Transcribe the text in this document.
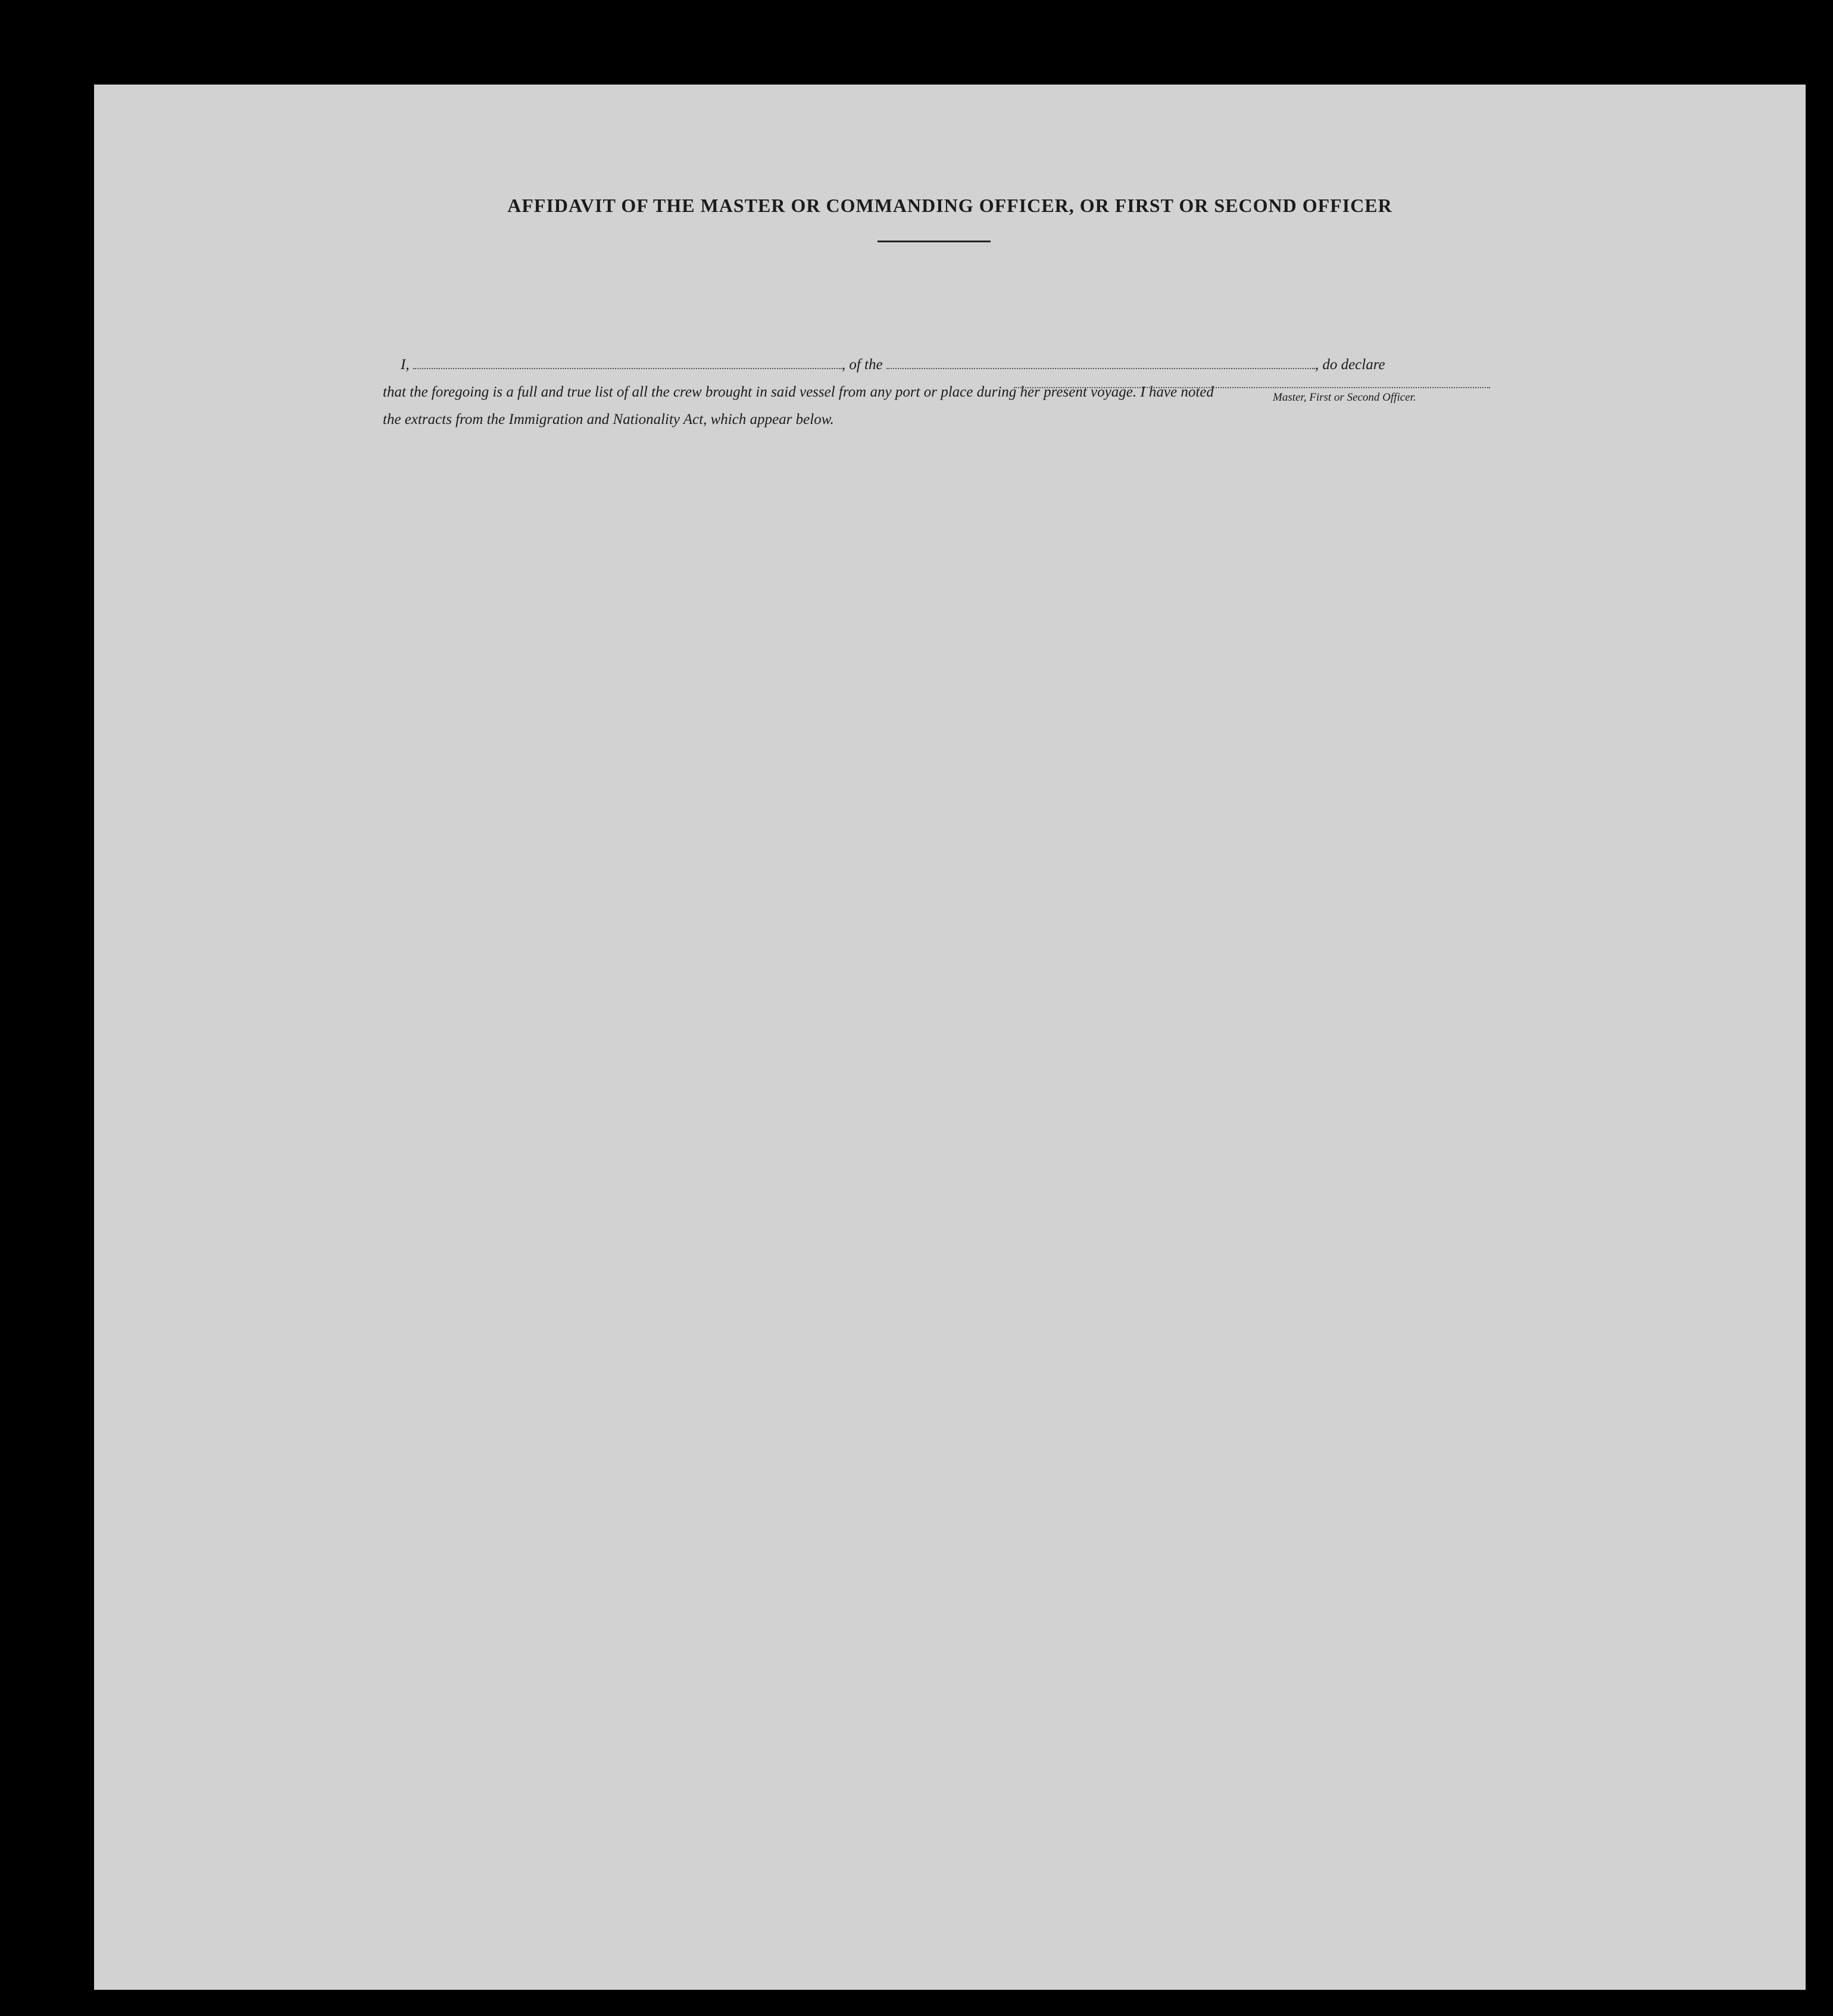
AFFIDAVIT OF THE MASTER OR COMMANDING OFFICER, OR FIRST OR SECOND OFFICER
I,	, of the	, do declare
that the foregoing is a full and true list of all the crew brought in said vessel from any port or place during her present voyage. I have noted
the extracts from the Immigration and Nationality Act, which appear below.
Master, First or Second Officer.
